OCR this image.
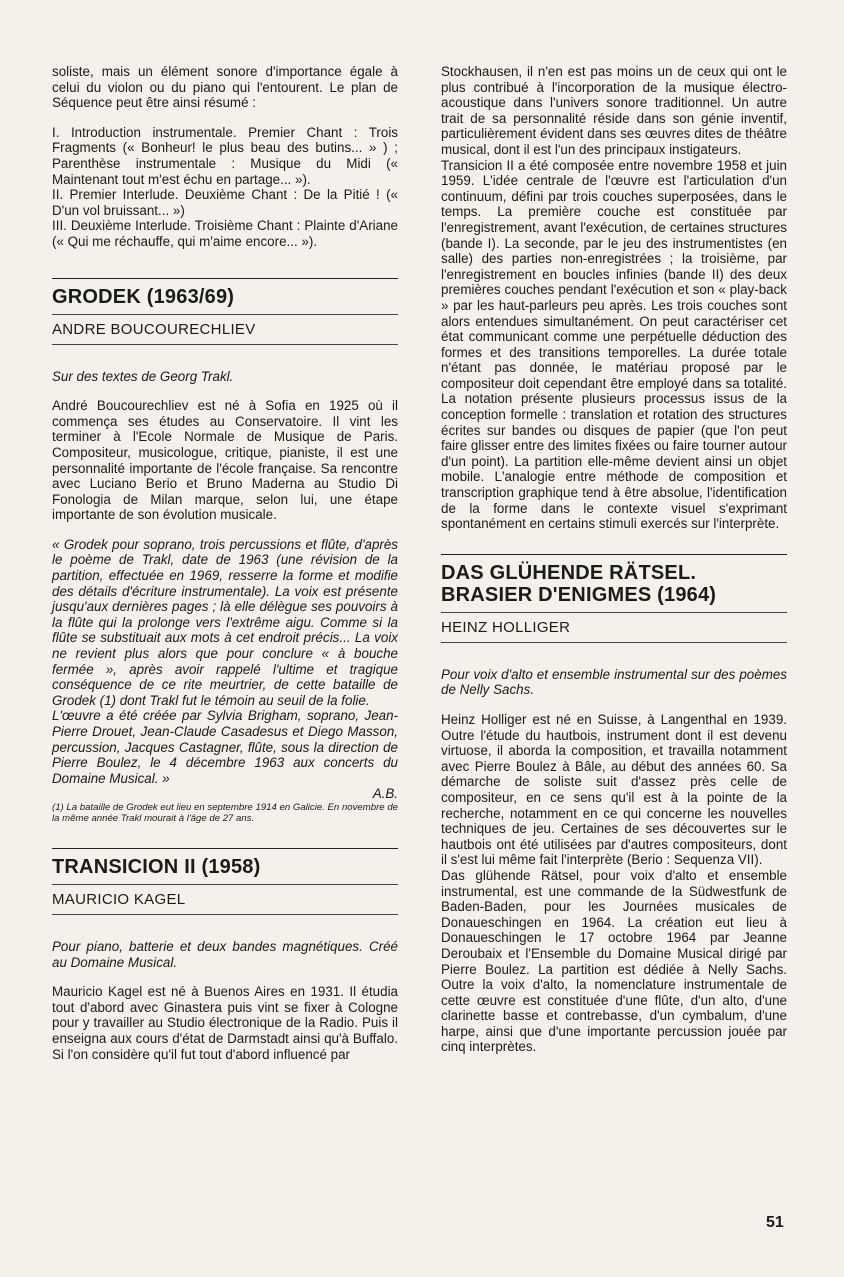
soliste, mais un élément sonore d'importance égale à celui du violon ou du piano qui l'entourent. Le plan de Séquence peut être ainsi résumé :

I. Introduction instrumentale. Premier Chant : Trois Fragments (« Bonheur! le plus beau des butins... » ) ; Parenthèse instrumentale : Musique du Midi (« Maintenant tout m'est échu en partage... »).

II. Premier Interlude. Deuxième Chant : De la Pitié ! (« D'un vol bruissant... »)

III. Deuxième Interlude. Troisième Chant : Plainte d'Ariane (« Qui me réchauffe, qui m'aime encore... »).

GRODEK (1963/69)
ANDRE BOUCOURECHLIEV

Sur des textes de Georg Trakl.

André Boucourechliev est né à Sofia en 1925 où il commença ses études au Conservatoire. Il vint les terminer à l'Ecole Normale de Musique de Paris. Compositeur, musicologue, critique, pianiste, il est une personnalité importante de l'école française. Sa rencontre avec Luciano Berio et Bruno Maderna au Studio Di Fonologia de Milan marque, selon lui, une étape importante de son évolution musicale.

« Grodek pour soprano, trois percussions et flûte, d'après le poème de Trakl, date de 1963 (une révision de la partition, effectuée en 1969, resserre la forme et modifie des détails d'écriture instrumentale). La voix est présente jusqu'aux dernières pages ; là elle délègue ses pouvoirs à la flûte qui la prolonge vers l'extrême aigu. Comme si la flûte se substituait aux mots à cet endroit précis... La voix ne revient plus alors que pour conclure « à bouche fermée », après avoir rappelé l'ultime et tragique conséquence de ce rite meurtrier, de cette bataille de Grodek (1) dont Trakl fut le témoin au seuil de la folie.

L'œuvre a été créée par Sylvia Brigham, soprano, Jean-Pierre Drouet, Jean-Claude Casadesus et Diego Masson, percussion, Jacques Castagner, flûte, sous la direction de Pierre Boulez, le 4 décembre 1963 aux concerts du Domaine Musical. »

A.B.

(1) La bataille de Grodek eut lieu en septembre 1914 en Galicie. En novembre de la même année Trakl mourait à l'âge de 27 ans.

TRANSICION II (1958)
MAURICIO KAGEL

Pour piano, batterie et deux bandes magnétiques. Créé au Domaine Musical.

Mauricio Kagel est né à Buenos Aires en 1931. Il étudia tout d'abord avec Ginastera puis vint se fixer à Cologne pour y travailler au Studio électronique de la Radio. Puis il enseigna aux cours d'état de Darmstadt ainsi qu'à Buffalo. Si l'on considère qu'il fut tout d'abord influencé par

Stockhausen, il n'en est pas moins un de ceux qui ont le plus contribué à l'incorporation de la musique électro-acoustique dans l'univers sonore traditionnel. Un autre trait de sa personnalité réside dans son génie inventif, particulièrement évident dans ses œuvres dites de théâtre musical, dont il est l'un des principaux instigateurs.

Transicion II a été composée entre novembre 1958 et juin 1959. L'idée centrale de l'œuvre est l'articulation d'un continuum, défini par trois couches superposées, dans le temps. La première couche est constituée par l'enregistrement, avant l'exécution, de certaines structures (bande I). La seconde, par le jeu des instrumentistes (en salle) des parties non-enregistrées ; la troisième, par l'enregistrement en boucles infinies (bande II) des deux premières couches pendant l'exécution et son « play-back » par les haut-parleurs peu après. Les trois couches sont alors entendues simultanément. On peut caractériser cet état communicant comme une perpétuelle déduction des formes et des transitions temporelles. La durée totale n'étant pas donnée, le matériau proposé par le compositeur doit cependant être employé dans sa totalité. La notation présente plusieurs processus issus de la conception formelle : translation et rotation des structures écrites sur bandes ou disques de papier (que l'on peut faire glisser entre des limites fixées ou faire tourner autour d'un point). La partition elle-même devient ainsi un objet mobile. L'analogie entre méthode de composition et transcription graphique tend à être absolue, l'identification de la forme dans le contexte visuel s'exprimant spontanément en certains stimuli exercés sur l'interprète.

DAS GLÜHENDE RÄTSEL.
BRASIER D'ENIGMES (1964)
HEINZ HOLLIGER

Pour voix d'alto et ensemble instrumental sur des poèmes de Nelly Sachs.

Heinz Holliger est né en Suisse, à Langenthal en 1939. Outre l'étude du hautbois, instrument dont il est devenu virtuose, il aborda la composition, et travailla notamment avec Pierre Boulez à Bâle, au début des années 60. Sa démarche de soliste suit d'assez près celle de compositeur, en ce sens qu'il est à la pointe de la recherche, notamment en ce qui concerne les nouvelles techniques de jeu. Certaines de ses découvertes sur le hautbois ont été utilisées par d'autres compositeurs, dont il s'est lui même fait l'interprète (Berio : Sequenza VII).

Das glühende Rätsel, pour voix d'alto et ensemble instrumental, est une commande de la Südwestfunk de Baden-Baden, pour les Journées musicales de Donaueschingen en 1964. La création eut lieu à Donaueschingen le 17 octobre 1964 par Jeanne Deroubaix et l'Ensemble du Domaine Musical dirigé par Pierre Boulez. La partition est dédiée à Nelly Sachs. Outre la voix d'alto, la nomenclature instrumentale de cette œuvre est constituée d'une flûte, d'un alto, d'une clarinette basse et contrebasse, d'un cymbalum, d'une harpe, ainsi que d'une importante percussion jouée par cinq interprètes.

51
